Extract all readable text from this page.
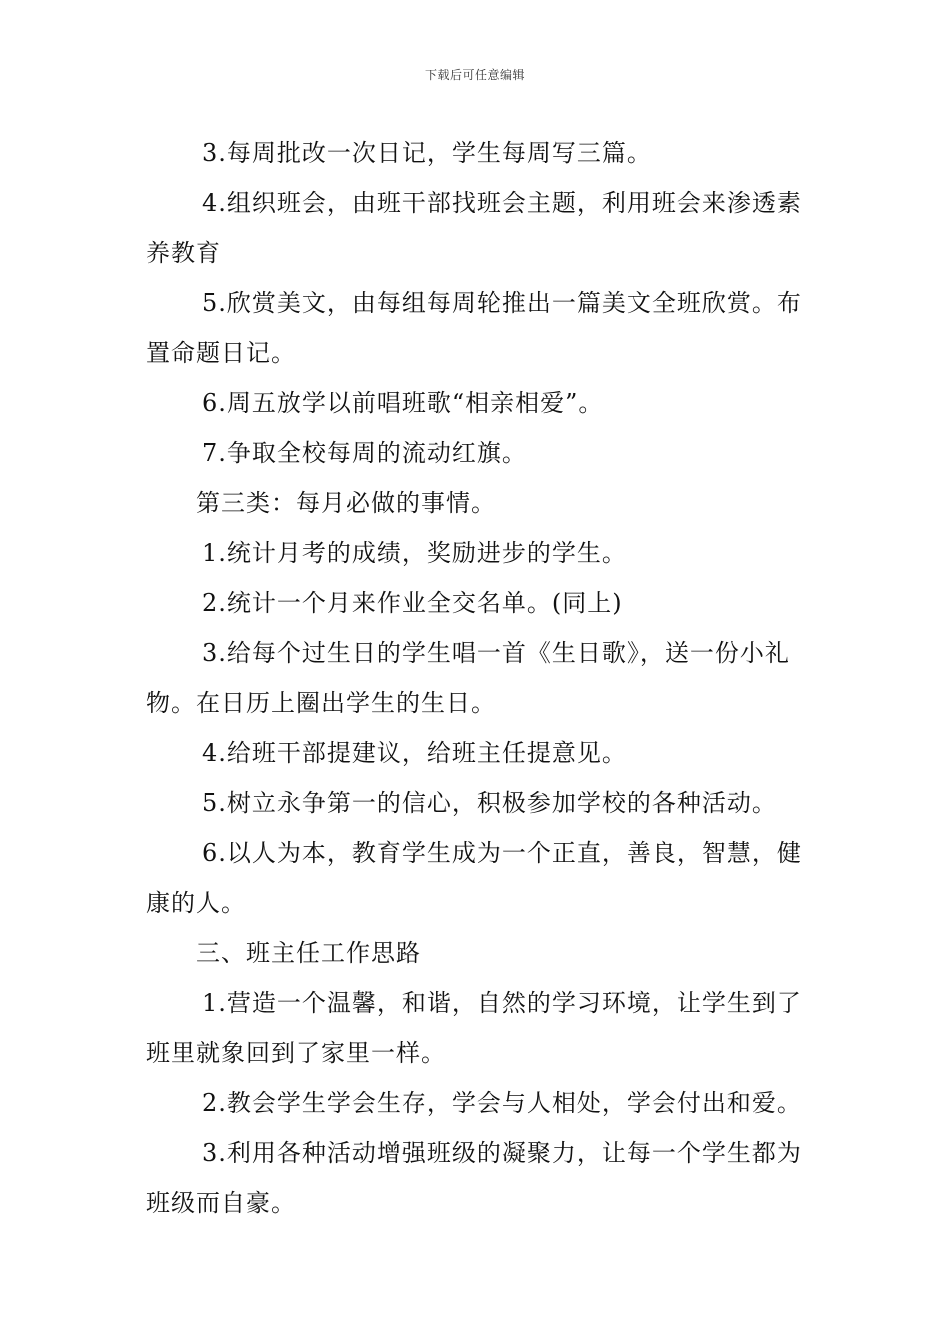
下载后可任意编辑

3.每周批改一次日记，学生每周写三篇。

4.组织班会，由班干部找班会主题，利用班会来渗透素养教育

5.欣赏美文，由每组每周轮推出一篇美文全班欣赏。布置命题日记。

6.周五放学以前唱班歌“相亲相爱”。

7.争取全校每周的流动红旗。

第三类：每月必做的事情。

1.统计月考的成绩，奖励进步的学生。

2.统计一个月来作业全交名单。(同上)

3.给每个过生日的学生唱一首《生日歌》，送一份小礼物。在日历上圈出学生的生日。

4.给班干部提建议，给班主任提意见。

5.树立永争第一的信心，积极参加学校的各种活动。

6.以人为本，教育学生成为一个正直，善良，智慧，健康的人。

三、班主任工作思路

1.营造一个温馨，和谐，自然的学习环境，让学生到了班里就象回到了家里一样。

2.教会学生学会生存，学会与人相处，学会付出和爱。

3.利用各种活动增强班级的凝聚力，让每一个学生都为班级而自豪。
